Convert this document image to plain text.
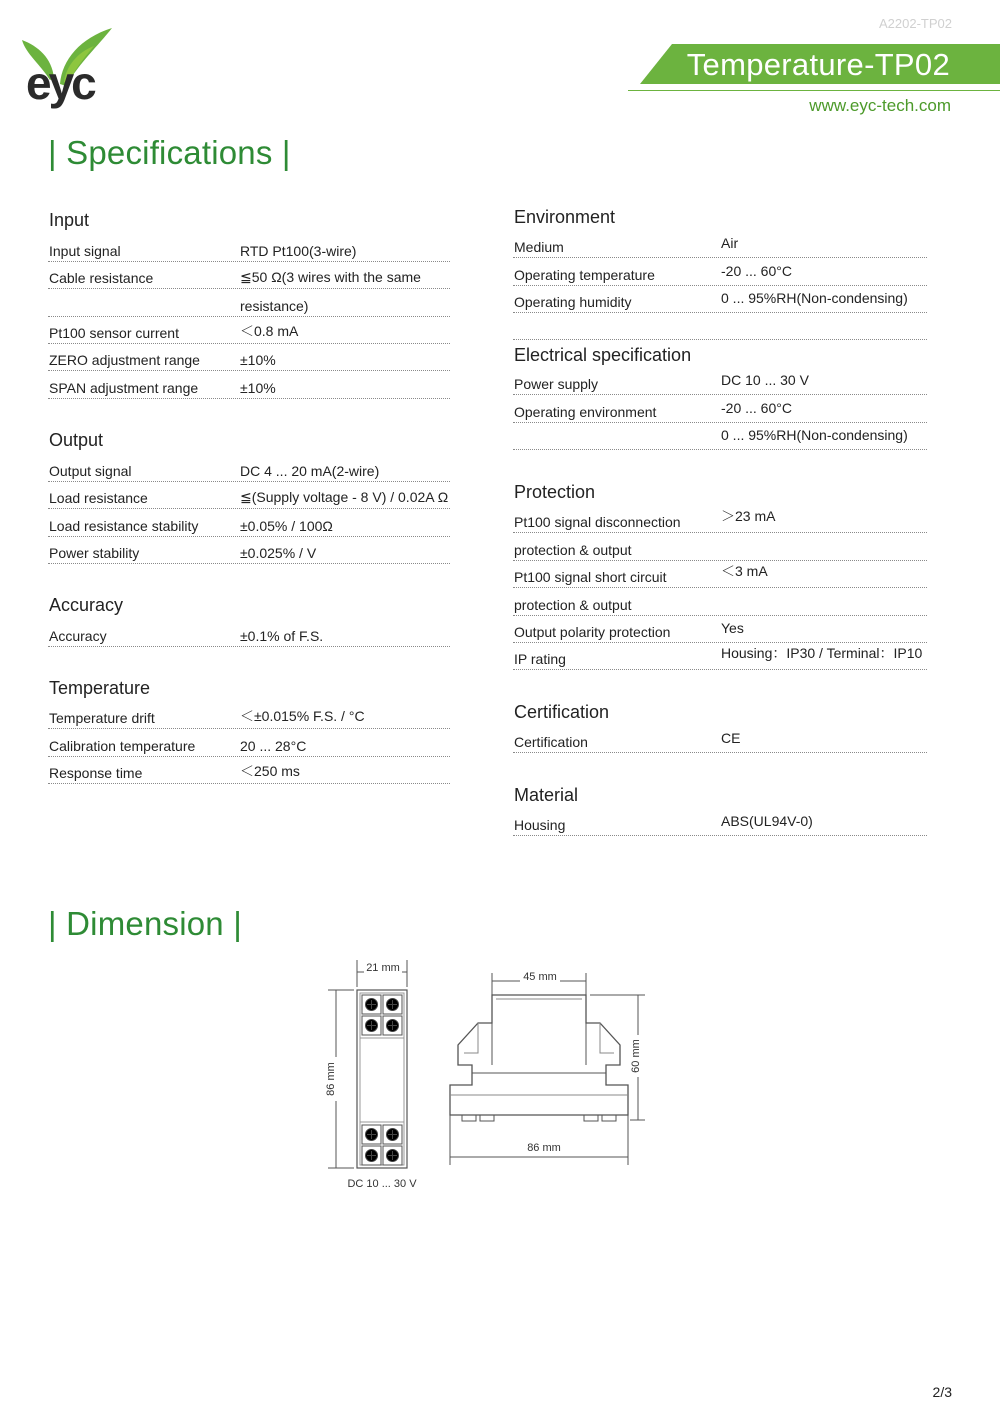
eyc
A2202-TP02
Temperature-TP02
www.eyc-tech.com
| Specifications |
Input
Input signal	RTD Pt100(3-wire)
Cable resistance	≦50 Ω(3 wires with the same
resistance)
Pt100 sensor current	＜0.8 mA
ZERO adjustment range	±10%
SPAN adjustment range	±10%
Output
Output signal	DC 4 ... 20 mA(2-wire)
Load resistance	≦(Supply voltage - 8 V) / 0.02A Ω
Load resistance stability	±0.05% / 100Ω
Power stability	±0.025% / V
Accuracy
Accuracy	±0.1% of F.S.
Temperature
Temperature drift	＜±0.015% F.S. / °C
Calibration temperature	20 ... 28°C
Response time	＜250 ms
Environment
Medium	Air
Operating temperature	-20 ... 60°C
Operating humidity	0 ... 95%RH(Non-condensing)
Electrical specification
Power supply	DC 10 ... 30 V
Operating environment	-20 ... 60°C
0 ... 95%RH(Non-condensing)
Protection
Pt100 signal disconnection	＞23 mA
protection & output
Pt100 signal short circuit	＜3 mA
protection & output
Output polarity protection	Yes
IP rating	Housing：IP30 / Terminal：IP10
Certification
Certification	CE
Material
Housing	ABS(UL94V-0)
| Dimension |
21 mm
86 mm
DC 10 ... 30 V
45 mm
60 mm
86 mm
2/3
